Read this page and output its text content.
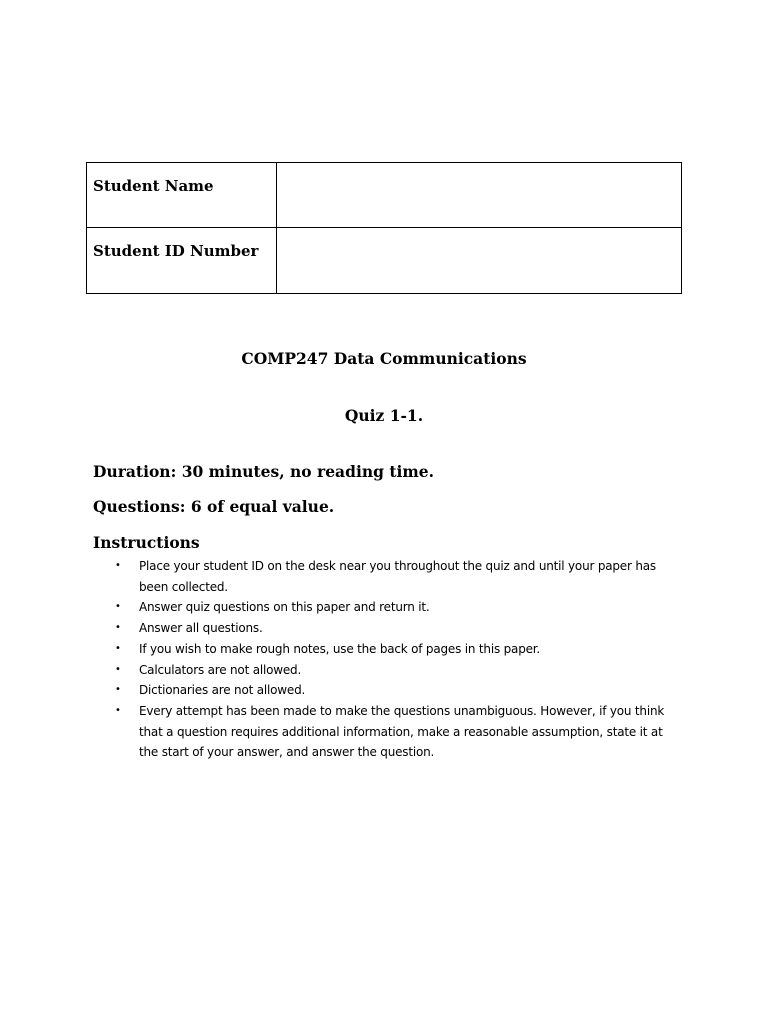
Student Name	
Student ID Number	
COMP247 Data Communications
Quiz 1-1.
Duration: 30 minutes, no reading time.
Questions: 6 of equal value.
Instructions
• Place your student ID on the desk near you throughout the quiz and until your paper has been collected.
• Answer quiz questions on this paper and return it.
• Answer all questions.
• If you wish to make rough notes, use the back of pages in this paper.
• Calculators are not allowed.
• Dictionaries are not allowed.
• Every attempt has been made to make the questions unambiguous. However, if you think that a question requires additional information, make a reasonable assumption, state it at the start of your answer, and answer the question.
